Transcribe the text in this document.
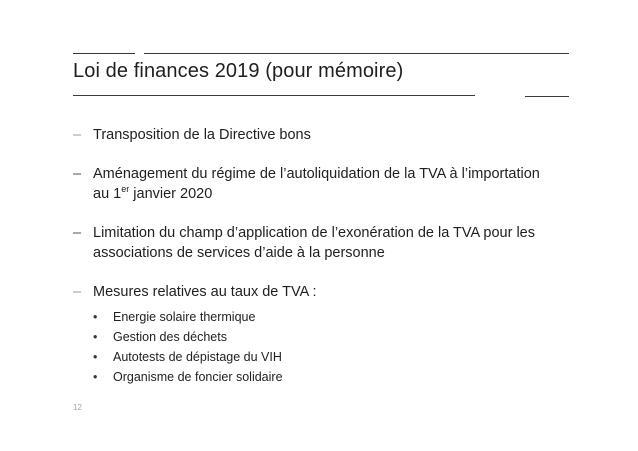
Loi de finances 2019 (pour mémoire)
– Transposition de la Directive bons
– Aménagement du régime de l’autoliquidation de la TVA à l’importation
au 1er janvier 2020
– Limitation du champ d’application de l’exonération de la TVA pour les
associations de services d’aide à la personne
– Mesures relatives au taux de TVA :
• Energie solaire thermique
• Gestion des déchets
• Autotests de dépistage du VIH
• Organisme de foncier solidaire
12
